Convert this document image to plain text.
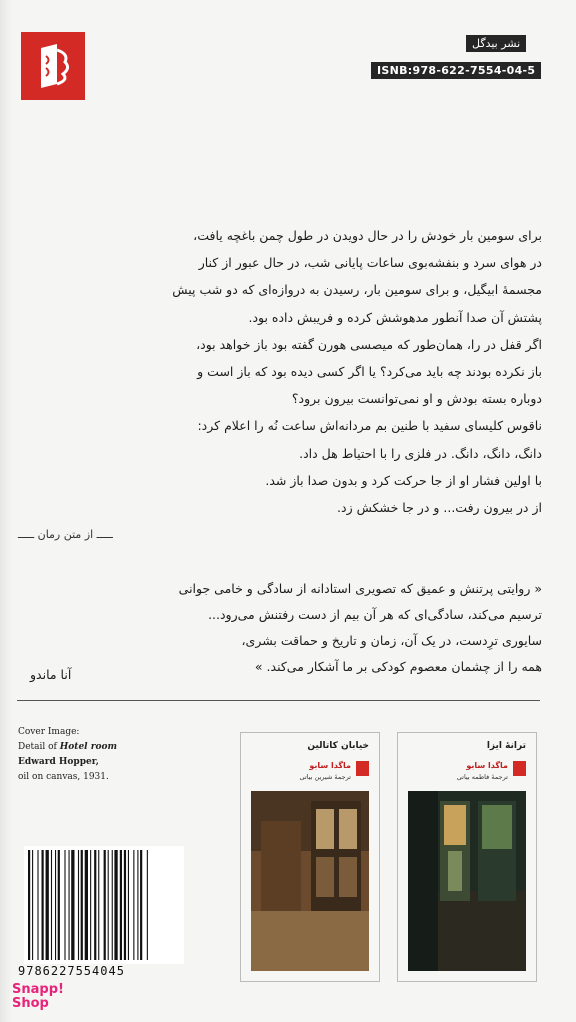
نشر بیدگل
ISNB:978-622-7554-04-5

برای سومین بار خودش را در حال دویدن در طول چمن باغچه یافت،

در هوای سرد و بنفشه‌بوی ساعات پایانی شب، در حال عبور از کنار

مجسمهٔ ابیگیل، و برای سومین بار، رسیدن به دروازه‌ای که دو شب پیش

پشتش آن صدا آنطور مدهوشش کرده و فریبش داده بود.

اگر قفل در را، همان‌طور که میصسی هورن گفته بود باز خواهد بود،

باز نکرده بودند چه باید می‌کرد؟ یا اگر کسی دیده بود که باز است و

دوباره بسته بودش و او نمی‌توانست بیرون برود؟

ناقوس کلیسای سفید با طنین بم مردانه‌اش ساعت نُه را اعلام کرد:

دانگ، دانگ، دانگ. در فلزی را با احتیاط هل داد.

با اولین فشار او از جا حرکت کرد و بدون صدا باز شد.

از در بیرون رفت... و در جا خشکش زد.

ـــــ از متن رمان ـــــ

« روایتی پرتنش و عمیق که تصویری استادانه از سادگی و خامی جوانی

ترسیم می‌کند، سادگی‌ای که هر آن بیم از دست رفتنش می‌رود...

سایوری ترِدست، در یک آن، زمان و تاریخ و حماقت بشری،

همه را از چشمان معصوم کودکی بر ما آشکار می‌کند. »

آنا ماندو
Cover Image:
Detail of Hotel room
Edward Hopper,
oil on canvas, 1931.
9786227554045
خیابان کاتالین
ماگدا سابو
ترجمهٔ شیرین بیاتی
ترانهٔ ایزا
ماگدا سابو
ترجمهٔ فاطمه بیاتی
Snapp!
Shop
